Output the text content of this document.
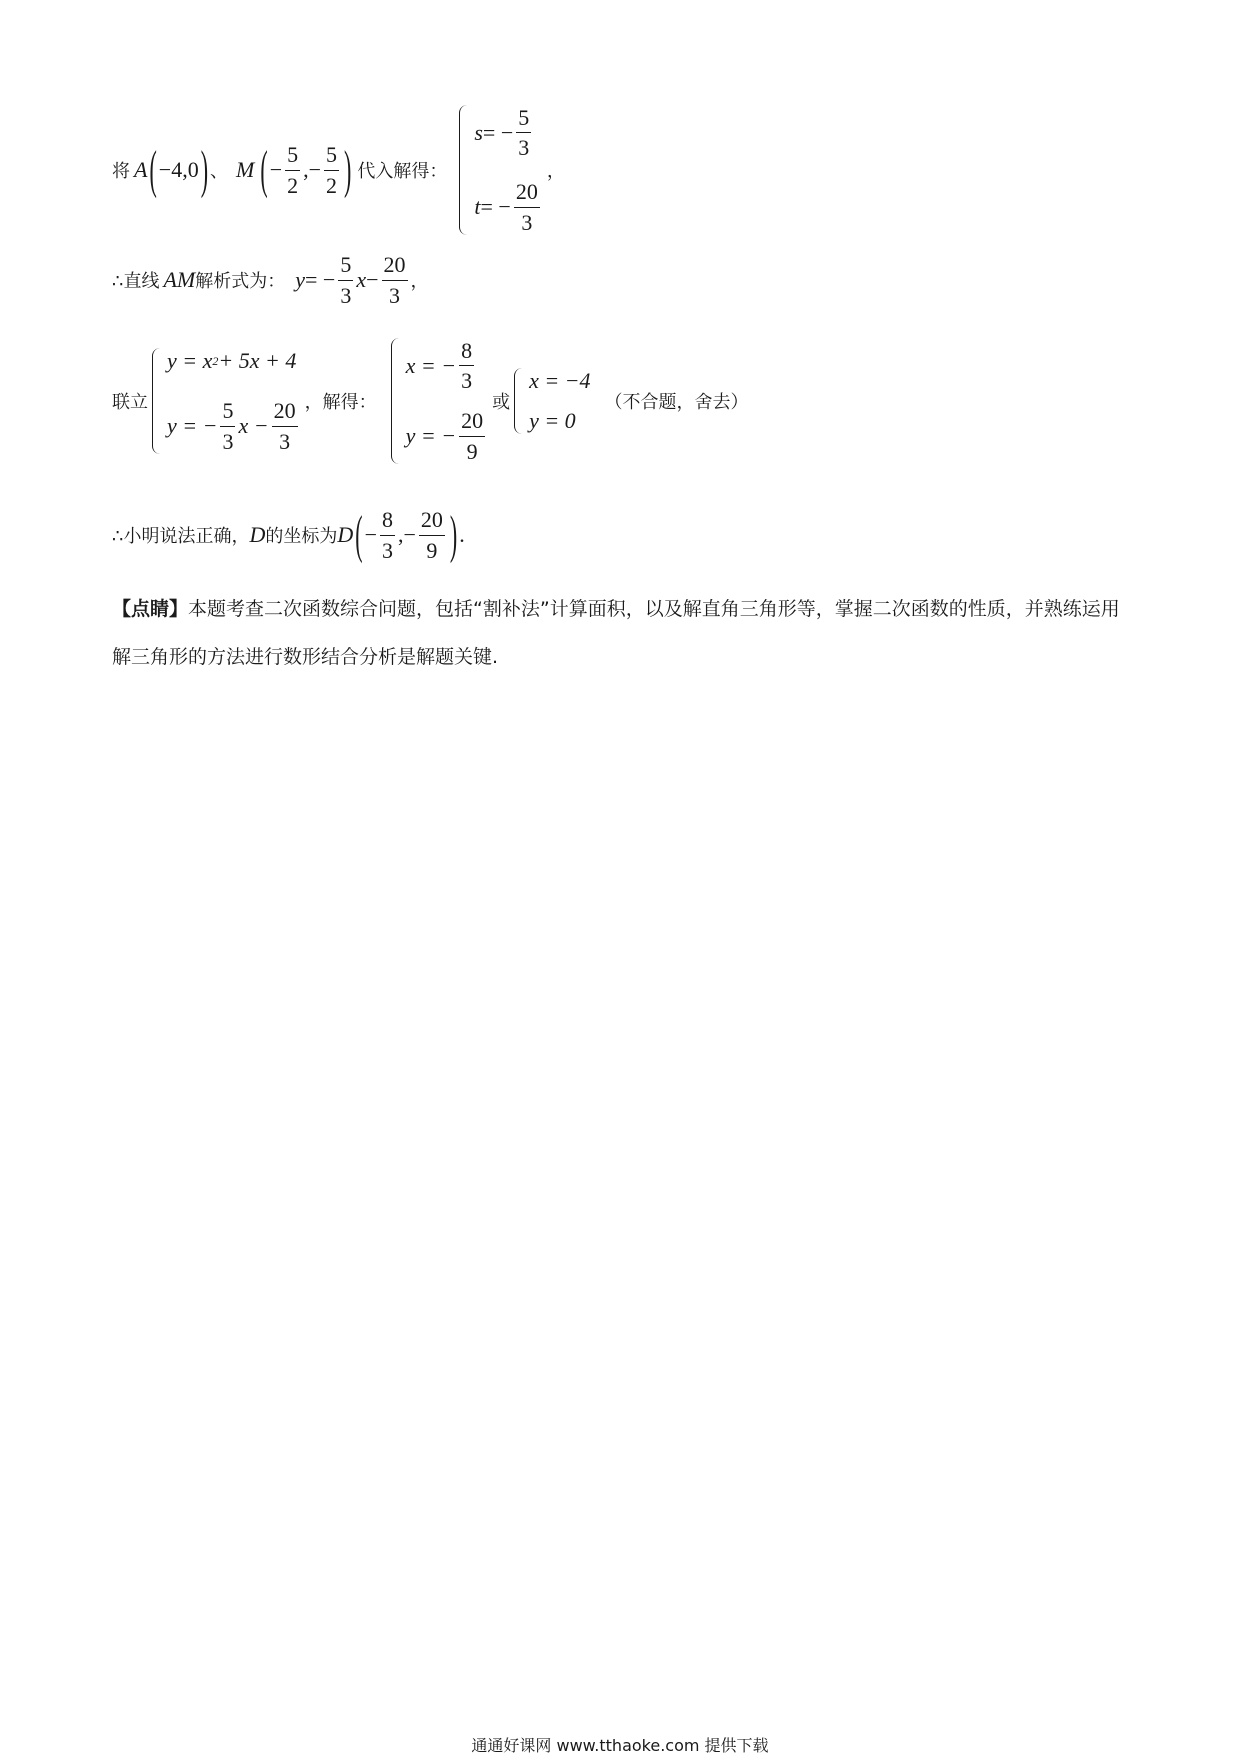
将 A ( −4,0 ) 、 M ( − $\frac{5}{2}$ , − $\frac{5}{2}$ ) 代入解得：
s = − $\frac{5}{3}$
t = − $\frac{20}{3}$
，
∴直线 AM 解析式为： y = − $\frac{5}{3}$ $x - \frac{20}{3}$ ，
联立
y = x 2 + 5x + 4
y = − $\frac{5}{3}$ $x - \frac{20}{3}$ ，解得：
x = − $\frac{8}{3}$
y = − $\frac{20}{9}$
或
x = −4
y = 0
（不合题，舍去）
∴小明说法正确， D 的坐标为 D ( − $\frac{8}{3}$ , − $\frac{20}{9}$ ) .
【点睛】本题考查二次函数综合问题，包括“割补法”计算面积，以及解直角三角形等，掌握二次函数的性质，并熟练运用解三角形的方法进行数形结合分析是解题关键.
通通好课网 www.tthaoke.com 提供下载
